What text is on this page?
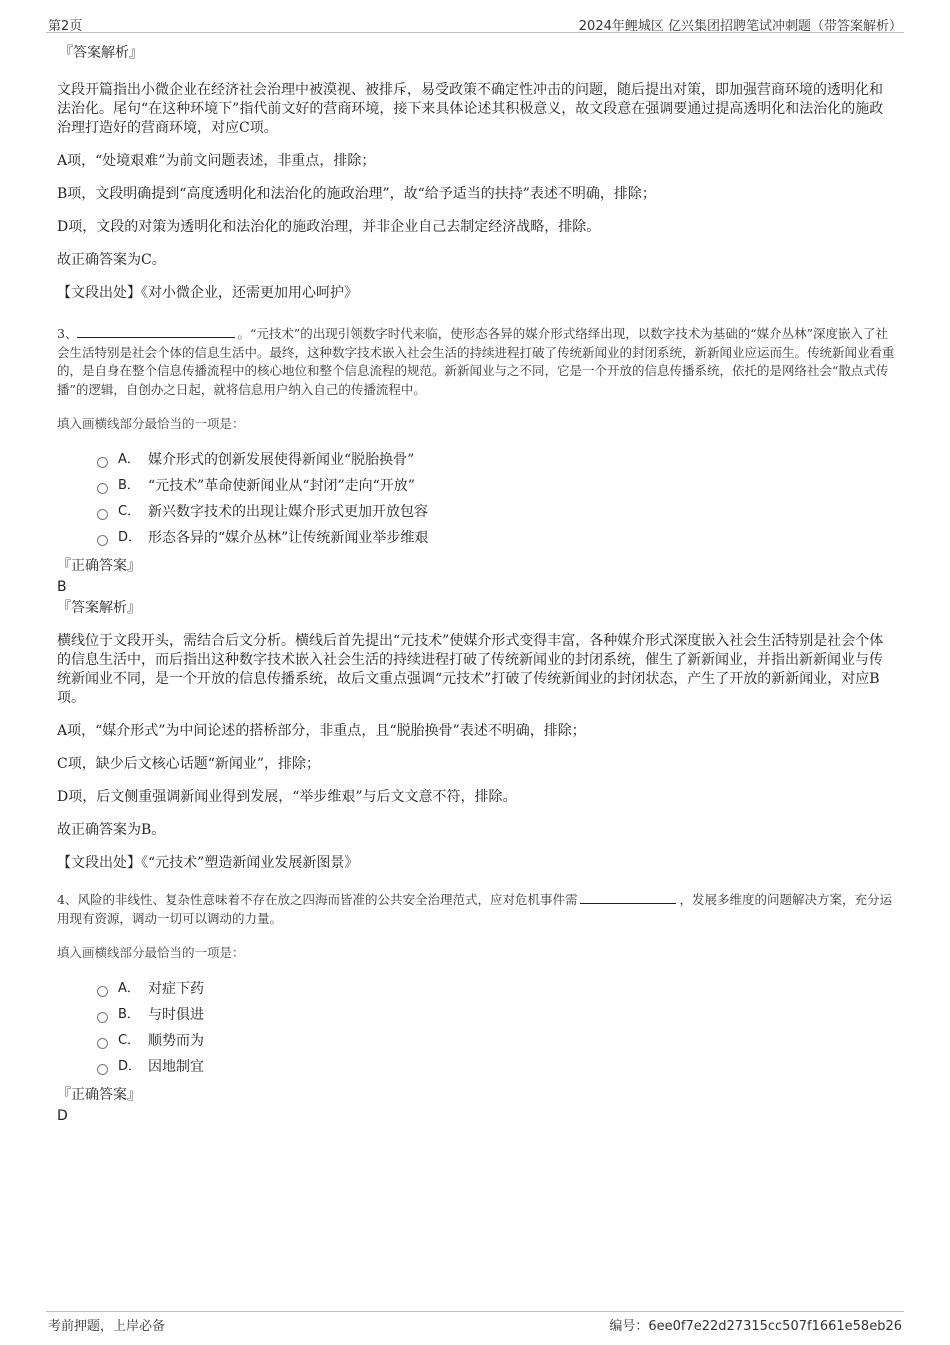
第2页	2024年鲤城区 亿兴集团招聘笔试冲刺题（带答案解析）
『答案解析』

文段开篇指出小微企业在经济社会治理中被漠视、被排斥，易受政策不确定性冲击的问题，随后提出对策，即加强营商环境的透明化和法治化。尾句“在这种环境下”指代前文好的营商环境，接下来具体论述其积极意义，故文段意在强调要通过提高透明化和法治化的施政治理打造好的营商环境，对应C项。

A项，“处境艰难”为前文问题表述，非重点，排除；

B项，文段明确提到“高度透明化和法治化的施政治理”，故“给予适当的扶持”表述不明确，排除；

D项，文段的对策为透明化和法治化的施政治理，并非企业自己去制定经济战略，排除。

故正确答案为C。

【文段出处】《对小微企业，还需更加用心呵护》

3、	。“元技术”的出现引领数字时代来临，使形态各异的媒介形式络绎出现，以数字技术为基础的“媒介丛林”深度嵌入了社会生活特别是社会个体的信息生活中。最终，这种数字技术嵌入社会生活的持续进程打破了传统新闻业的封闭系统，新新闻业应运而生。传统新闻业看重的，是自身在整个信息传播流程中的核心地位和整个信息流程的规范。新新闻业与之不同，它是一个开放的信息传播系统，依托的是网络社会“散点式传播”的逻辑，自创办之日起，就将信息用户纳入自己的传播流程中。

填入画横线部分最恰当的一项是：

A． 媒介形式的创新发展使得新闻业“脱胎换骨”
B． “元技术”革命使新闻业从“封闭”走向“开放”
C． 新兴数字技术的出现让媒介形式更加开放包容
D． 形态各异的“媒介丛林”让传统新闻业举步维艰
『正确答案』
B
『答案解析』

横线位于文段开头，需结合后文分析。横线后首先提出“元技术”使媒介形式变得丰富，各种媒介形式深度嵌入社会生活特别是社会个体的信息生活中，而后指出这种数字技术嵌入社会生活的持续进程打破了传统新闻业的封闭系统，催生了新新闻业，并指出新新闻业与传统新闻业不同，是一个开放的信息传播系统，故后文重点强调“元技术”打破了传统新闻业的封闭状态，产生了开放的新新闻业，对应B项。

A项，“媒介形式”为中间论述的搭桥部分，非重点，且“脱胎换骨”表述不明确，排除；

C项，缺少后文核心话题“新闻业”，排除；

D项，后文侧重强调新闻业得到发展，“举步维艰”与后文文意不符，排除。

故正确答案为B。

【文段出处】《“元技术”塑造新闻业发展新图景》

4、风险的非线性、复杂性意味着不存在放之四海而皆准的公共安全治理范式，应对危机事件需	，发展多维度的问题解决方案，充分运用现有资源，调动一切可以调动的力量。

填入画横线部分最恰当的一项是：

A． 对症下药
B． 与时俱进
C． 顺势而为
D． 因地制宜
『正确答案』
D
考前押题，上岸必备	编号：6ee0f7e22d27315cc507f1661e58eb26
